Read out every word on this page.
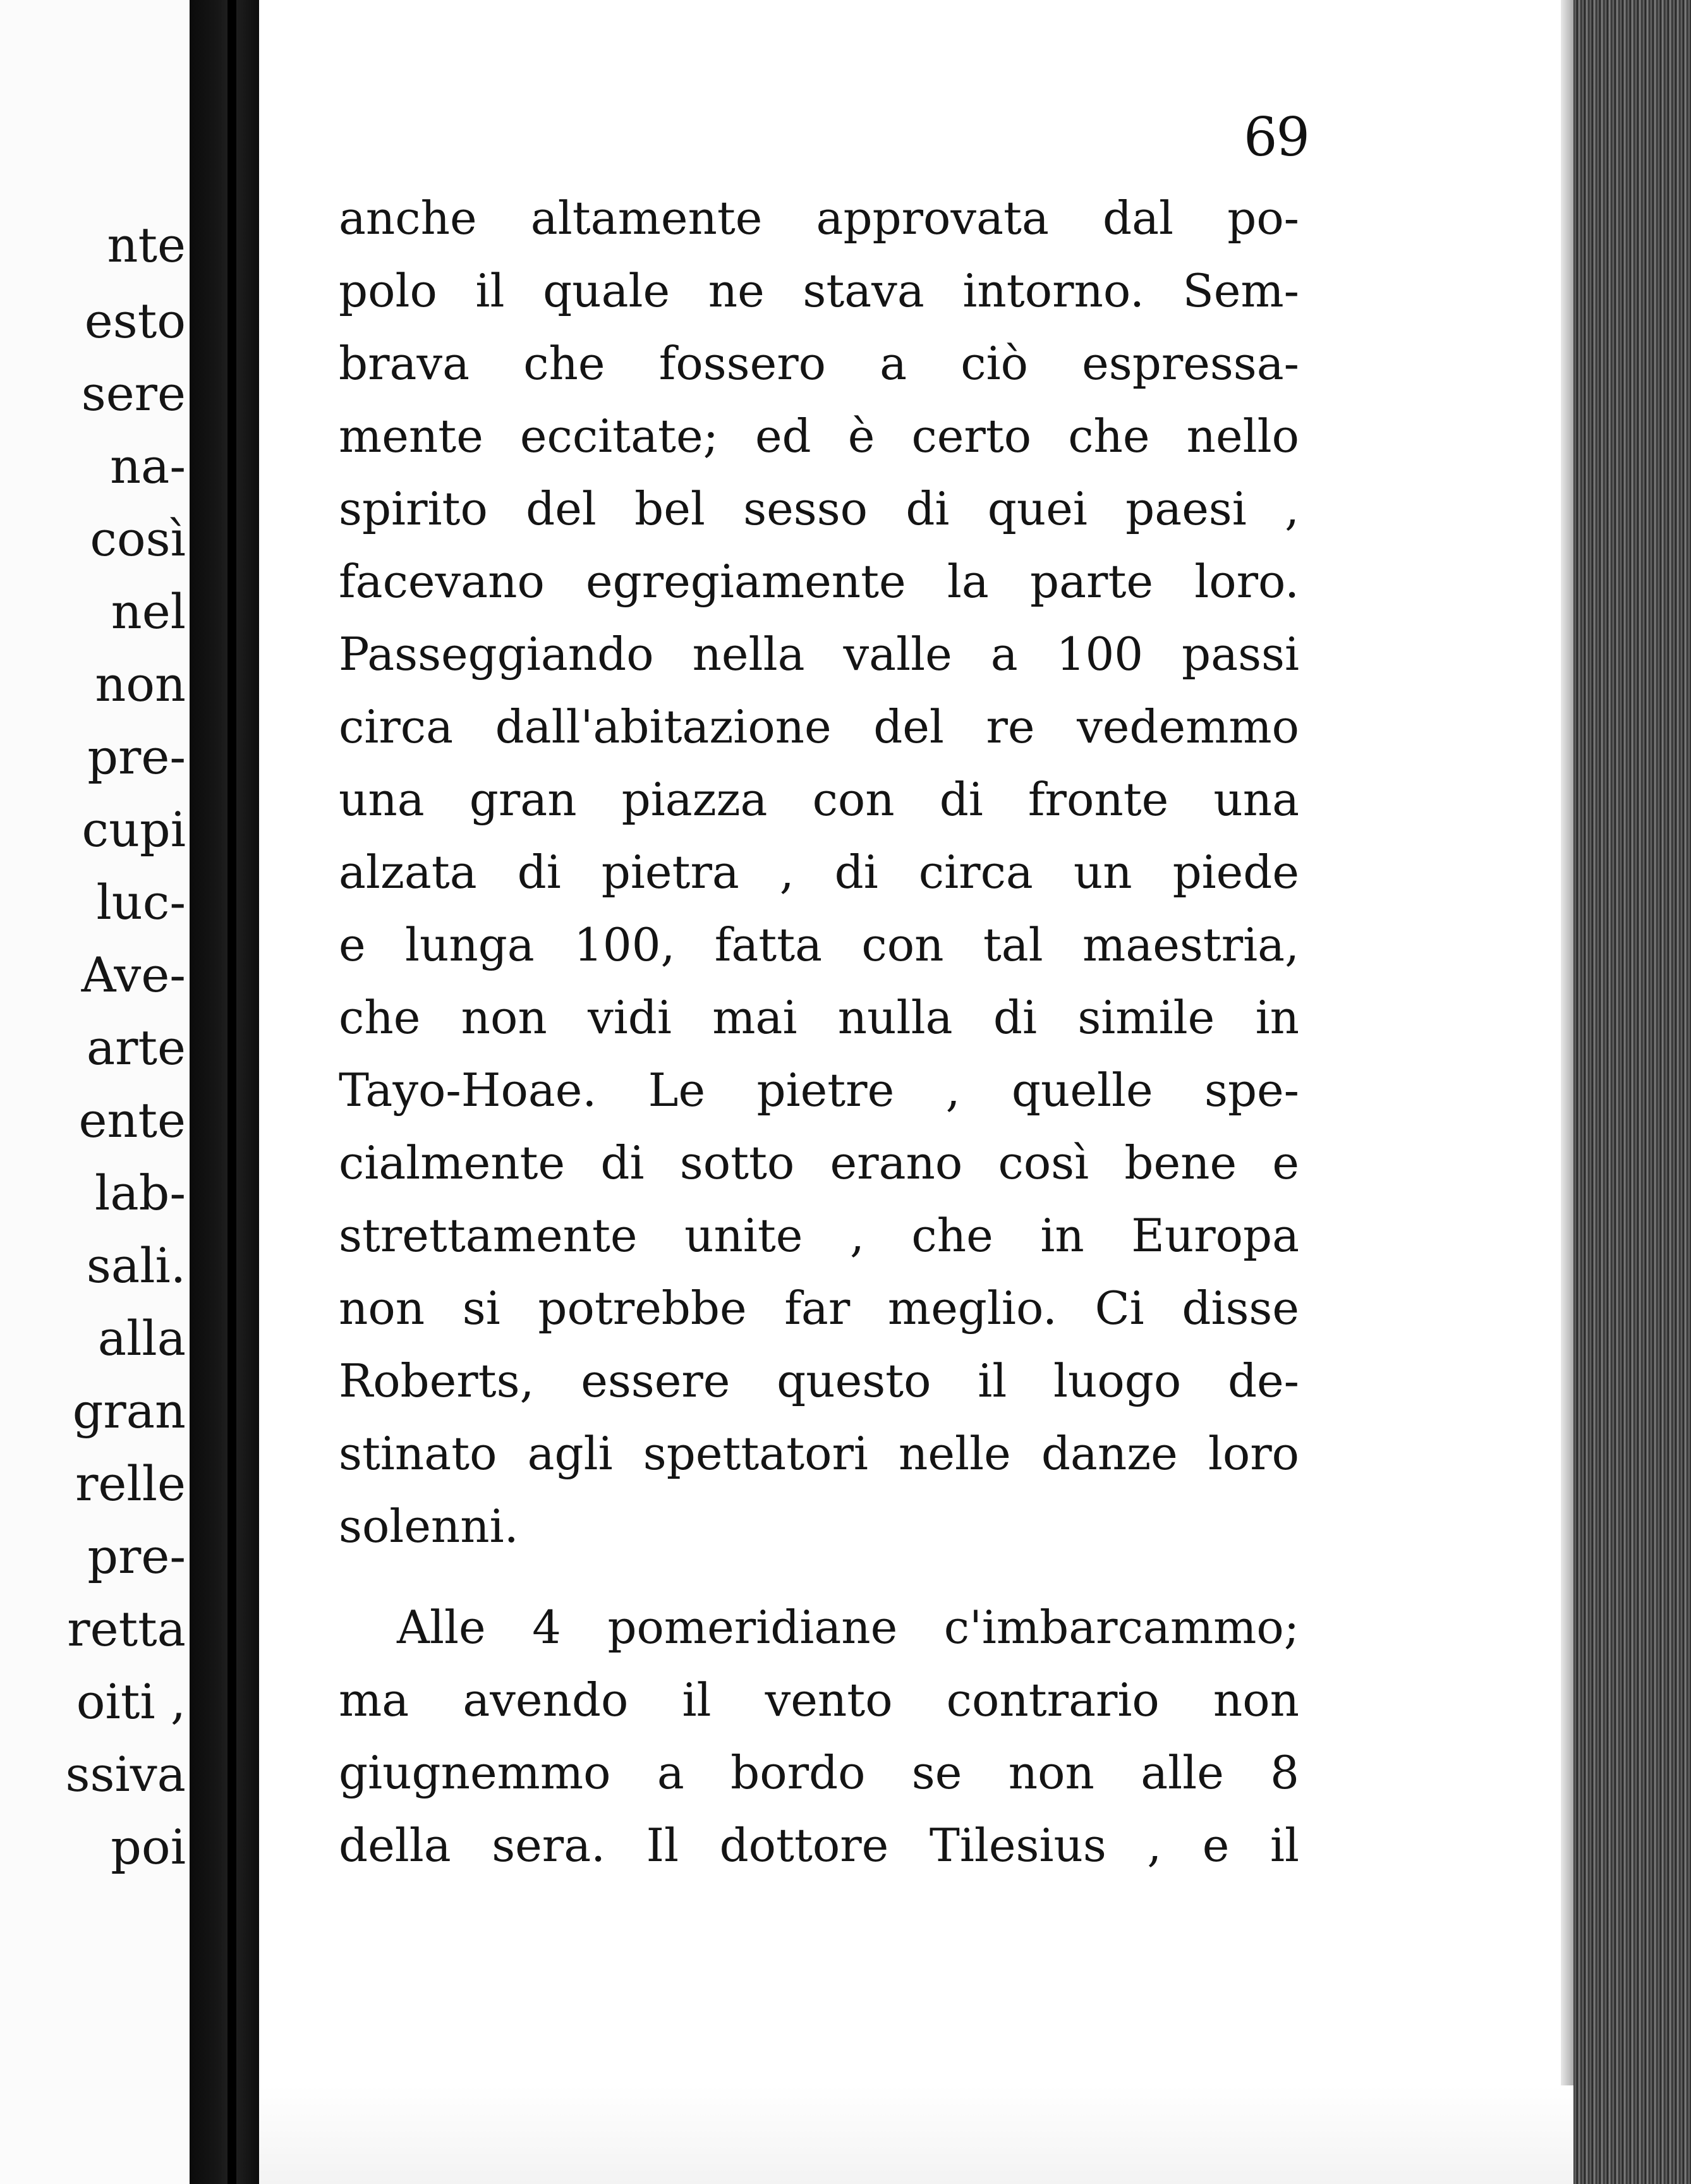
nte
esto
sere
na-
così
nel
non
pre-
cupi
luc-
Ave-
arte
ente
lab-
sali.
alla
gran
relle
pre-
retta
oiti ,
ssiva
poi
69
anche altamente approvata dal po-
polo il quale ne stava intorno. Sem-
brava che fossero a ciò espressa-
mente eccitate; ed è certo che nello
spirito del bel sesso di quei paesi ,
facevano egregiamente la parte loro.
Passeggiando nella valle a 100 passi
circa dall'abitazione del re vedemmo
una gran piazza con di fronte una
alzata di pietra , di circa un piede
e lunga 100, fatta con tal maestria,
che non vidi mai nulla di simile in
Tayo-Hoae. Le pietre , quelle spe-
cialmente di sotto erano così bene e
strettamente unite , che in Europa
non si potrebbe far meglio. Ci disse
Roberts, essere questo il luogo de-
stinato agli spettatori nelle danze loro
solenni.
Alle 4 pomeridiane c'imbarcammo;
ma avendo il vento contrario non
giugnemmo a bordo se non alle 8
della sera. Il dottore Tilesius , e il
